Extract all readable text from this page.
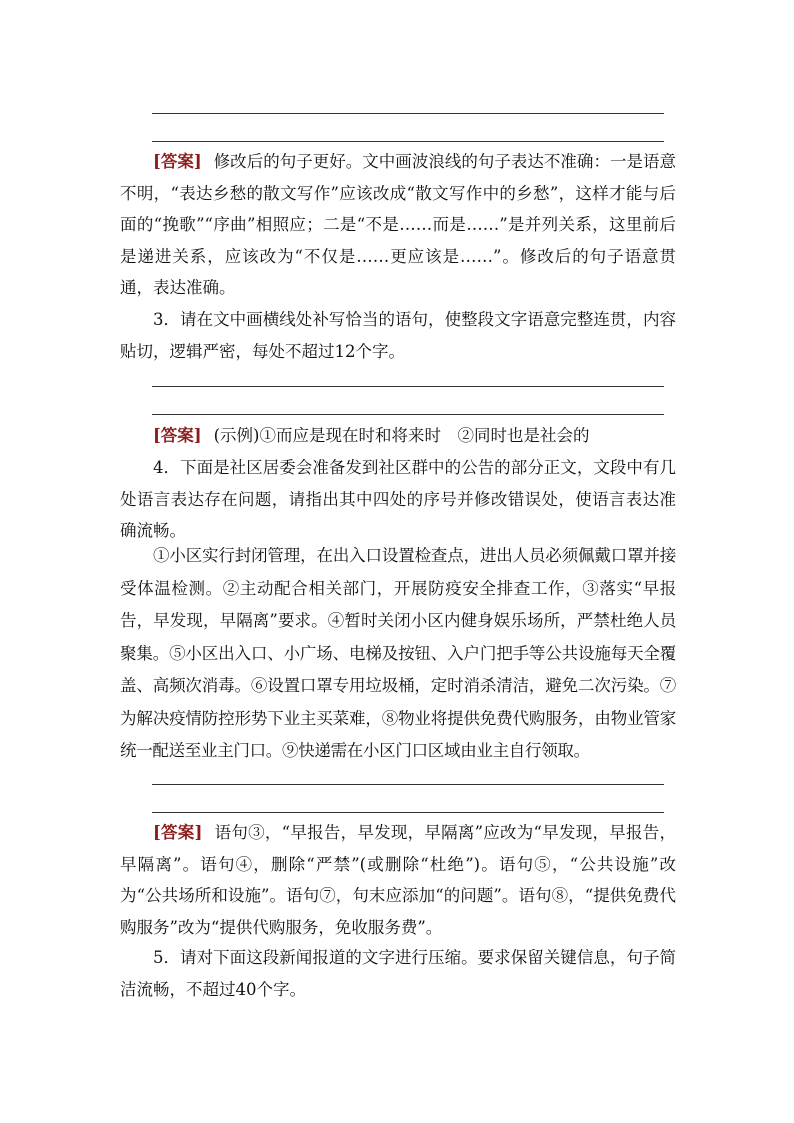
[答案] 修改后的句子更好。文中画波浪线的句子表达不准确：一是语意不明，“表达乡愁的散文写作”应该改成“散文写作中的乡愁”，这样才能与后面的“挽歌”“序曲”相照应；二是“不是……而是……”是并列关系，这里前后是递进关系，应该改为“不仅是……更应该是……”。修改后的句子语意贯通，表达准确。
3．请在文中画横线处补写恰当的语句，使整段文字语意完整连贯，内容贴切，逻辑严密，每处不超过12个字。
[答案] (示例)①而应是现在时和将来时　②同时也是社会的
4．下面是社区居委会准备发到社区群中的公告的部分正文，文段中有几处语言表达存在问题，请指出其中四处的序号并修改错误处，使语言表达准确流畅。
①小区实行封闭管理，在出入口设置检查点，进出人员必须佩戴口罩并接受体温检测。②主动配合相关部门，开展防疫安全排查工作，③落实“早报告，早发现，早隔离”要求。④暂时关闭小区内健身娱乐场所，严禁杜绝人员聚集。⑤小区出入口、小广场、电梯及按钮、入户门把手等公共设施每天全覆盖、高频次消毒。⑥设置口罩专用垃圾桶，定时消杀清洁，避免二次污染。⑦为解决疫情防控形势下业主买菜难，⑧物业将提供免费代购服务，由物业管家统一配送至业主门口。⑨快递需在小区门口区域由业主自行领取。
[答案] 语句③，“早报告，早发现，早隔离”应改为“早发现，早报告，早隔离”。语句④，删除“严禁”(或删除“杜绝”)。语句⑤，“公共设施”改为“公共场所和设施”。语句⑦，句末应添加“的问题”。语句⑧，“提供免费代购服务”改为“提供代购服务，免收服务费”。
5．请对下面这段新闻报道的文字进行压缩。要求保留关键信息，句子简洁流畅，不超过40个字。
